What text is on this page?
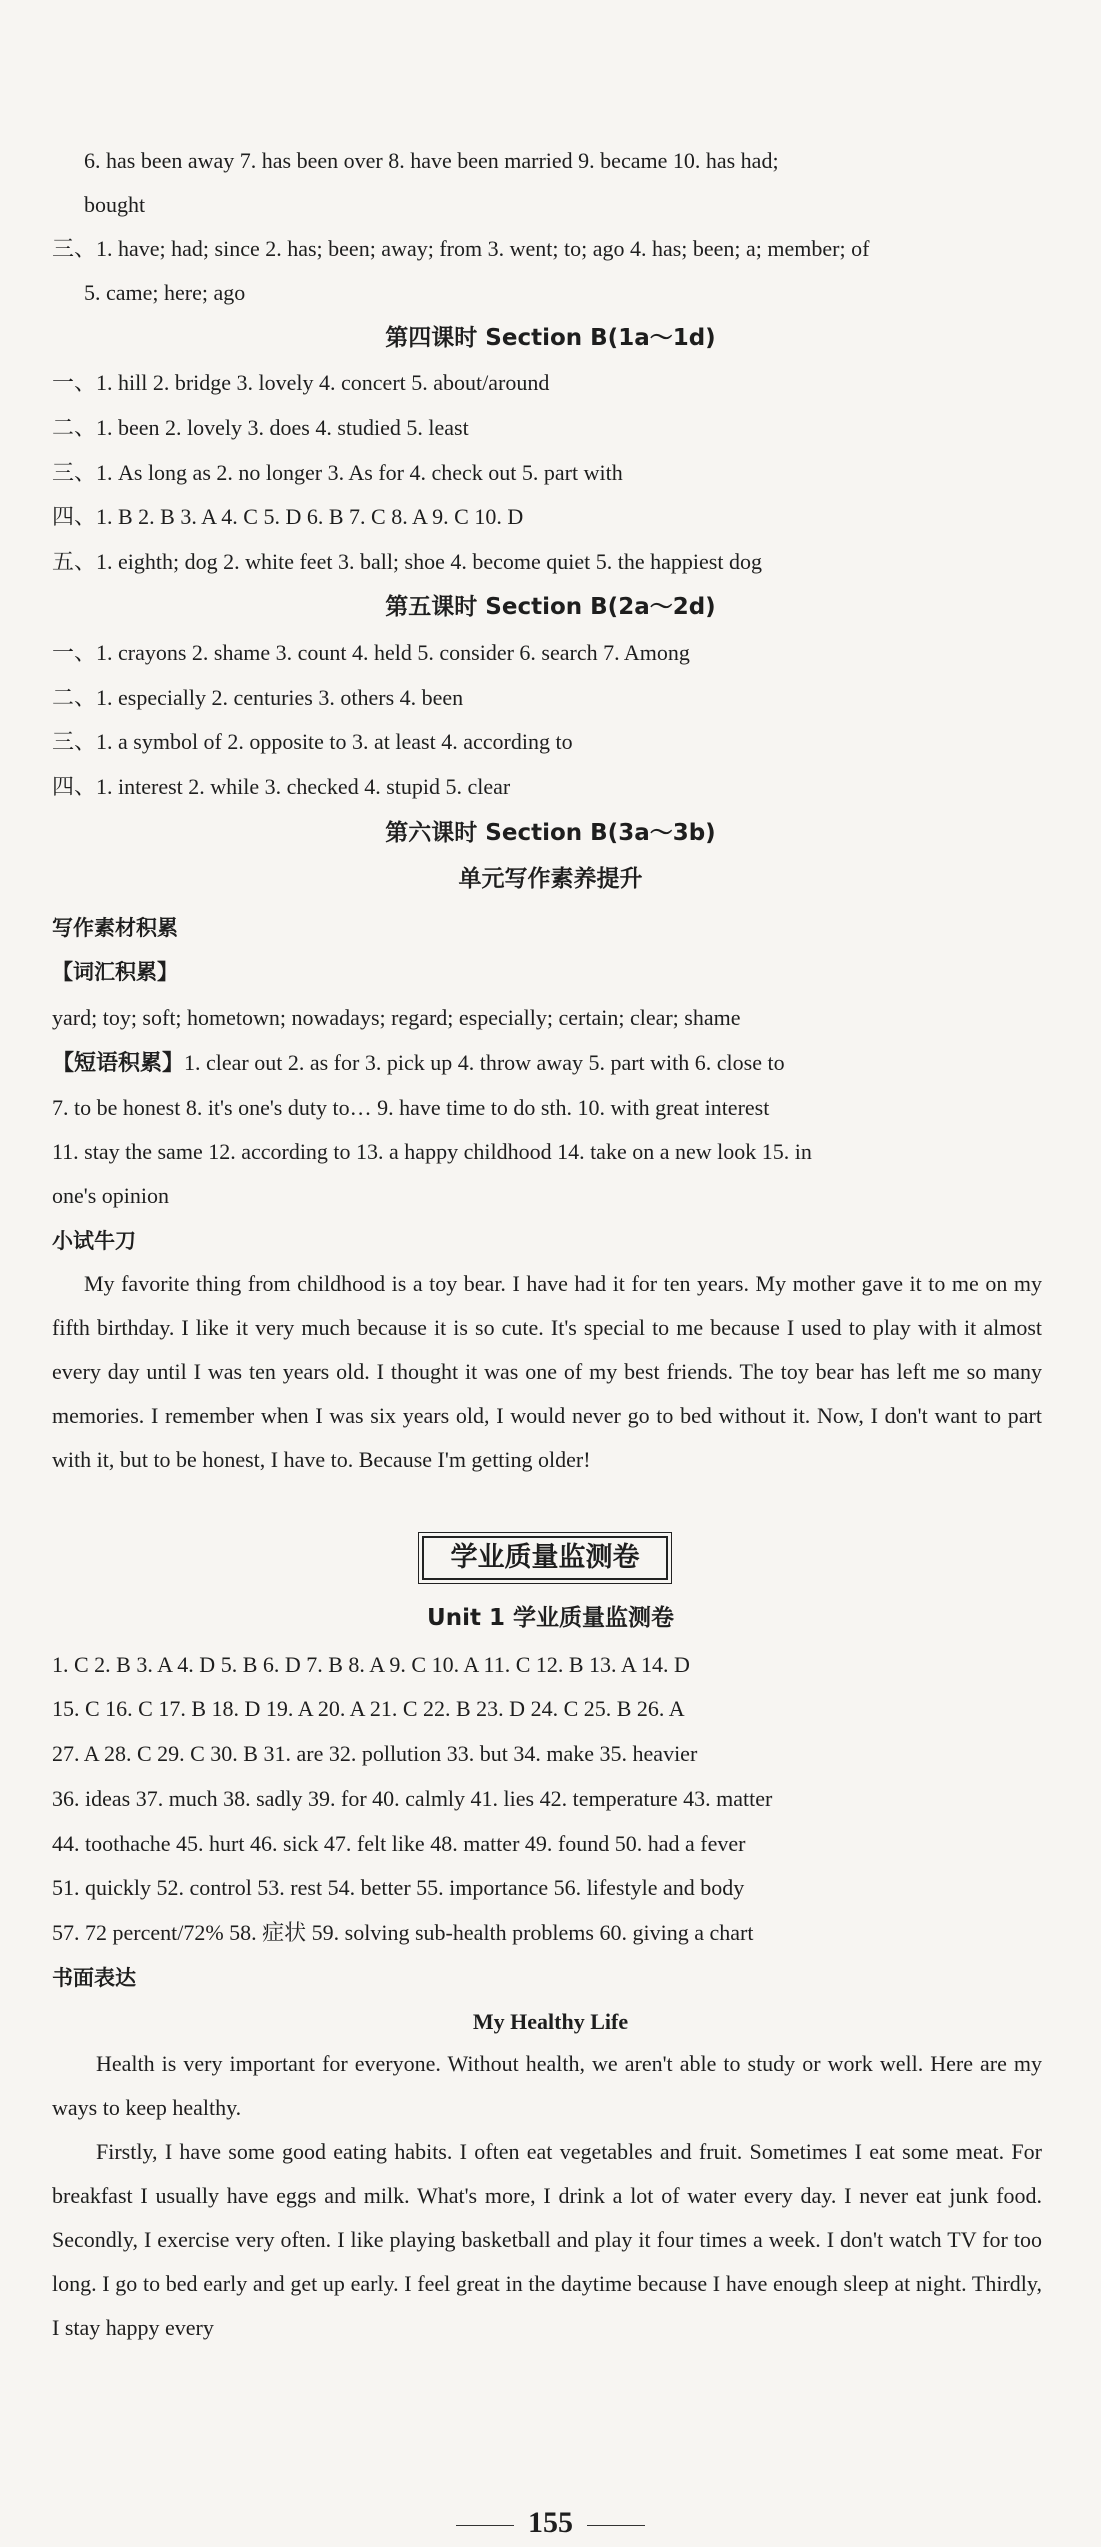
6. has been away 7. has been over 8. have been married 9. became 10. has had;
bought
三、1. have; had; since 2. has; been; away; from 3. went; to; ago 4. has; been; a; member; of
5. came; here; ago
第四课时 Section B(1a～1d)
一、1. hill 2. bridge 3. lovely 4. concert 5. about/around
二、1. been 2. lovely 3. does 4. studied 5. least
三、1. As long as 2. no longer 3. As for 4. check out 5. part with
四、1. B 2. B 3. A 4. C 5. D 6. B 7. C 8. A 9. C 10. D
五、1. eighth; dog 2. white feet 3. ball; shoe 4. become quiet 5. the happiest dog
第五课时 Section B(2a～2d)
一、1. crayons 2. shame 3. count 4. held 5. consider 6. search 7. Among
二、1. especially 2. centuries 3. others 4. been
三、1. a symbol of 2. opposite to 3. at least 4. according to
四、1. interest 2. while 3. checked 4. stupid 5. clear
第六课时 Section B(3a～3b)
单元写作素养提升
写作素材积累
【词汇积累】
yard; toy; soft; hometown; nowadays; regard; especially; certain; clear; shame
【短语积累】1. clear out 2. as for 3. pick up 4. throw away 5. part with 6. close to
7. to be honest 8. it's one's duty to… 9. have time to do sth. 10. with great interest
11. stay the same 12. according to 13. a happy childhood 14. take on a new look 15. in
one's opinion
小试牛刀
My favorite thing from childhood is a toy bear. I have had it for ten years. My mother gave it to me on my fifth birthday. I like it very much because it is so cute. It's special to me because I used to play with it almost every day until I was ten years old. I thought it was one of my best friends. The toy bear has left me so many memories. I remember when I was six years old, I would never go to bed without it. Now, I don't want to part with it, but to be honest, I have to. Because I'm getting older!
学业质量监测卷
Unit 1 学业质量监测卷
1. C 2. B 3. A 4. D 5. B 6. D 7. B 8. A 9. C 10. A 11. C 12. B 13. A 14. D
15. C 16. C 17. B 18. D 19. A 20. A 21. C 22. B 23. D 24. C 25. B 26. A
27. A 28. C 29. C 30. B 31. are 32. pollution 33. but 34. make 35. heavier
36. ideas 37. much 38. sadly 39. for 40. calmly 41. lies 42. temperature 43. matter
44. toothache 45. hurt 46. sick 47. felt like 48. matter 49. found 50. had a fever
51. quickly 52. control 53. rest 54. better 55. importance 56. lifestyle and body
57. 72 percent/72% 58. 症状 59. solving sub-health problems 60. giving a chart
书面表达
My Healthy Life
Health is very important for everyone. Without health, we aren't able to study or work well. Here are my ways to keep healthy.
Firstly, I have some good eating habits. I often eat vegetables and fruit. Sometimes I eat some meat. For breakfast I usually have eggs and milk. What's more, I drink a lot of water every day. I never eat junk food. Secondly, I exercise very often. I like playing basketball and play it four times a week. I don't watch TV for too long. I go to bed early and get up early. I feel great in the daytime because I have enough sleep at night. Thirdly, I stay happy every
155
